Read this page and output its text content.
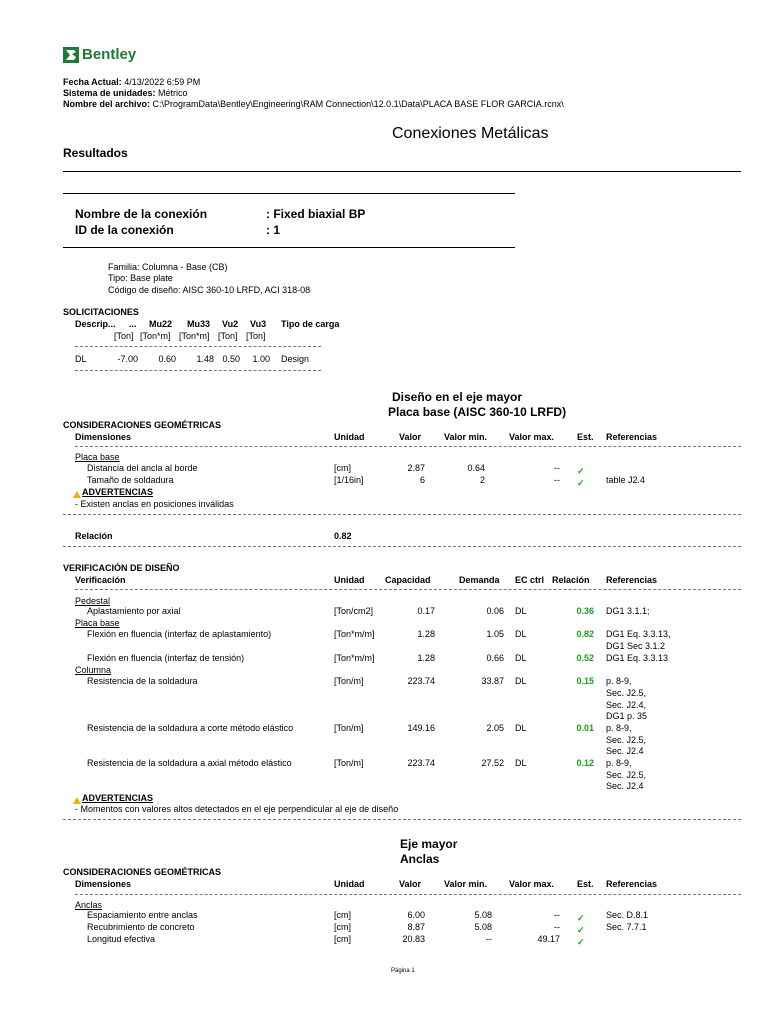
Bentley
Fecha Actual: 4/13/2022 6:59 PM
Sistema de unidades: Métrico
Nombre del archivo: C:\ProgramData\Bentley\Engineering\RAM Connection\12.0.1\Data\PLACA BASE FLOR GARCIA.rcnx\
Conexiones Metálicas
Resultados
Nombre de la conexión	: Fixed biaxial BP
ID de la conexión	: 1
Familia: Columna - Base (CB)
Tipo: Base plate
Código de diseño: AISC 360-10 LRFD, ACI 318-08
SOLICITACIONES
Descrip... ... Mu22 Mu33 Vu2 Vu3 Tipo de carga
[Ton] [Ton*m] [Ton*m] [Ton] [Ton]
DL	-7.00	0.60	1.48 0.50	1.00 Design
Diseño en el eje mayor
Placa base (AISC 360-10 LRFD)
CONSIDERACIONES GEOMÉTRICAS
Dimensiones	Unidad	Valor	Valor min. Valor max.	Est. Referencias
Placa base
Distancia del ancla al borde	[cm]	2.87	0.64	-- ✓
Tamaño de soldadura	[1/16in]	6	2	-- ✓ table J2.4
ADVERTENCIAS
- Existen anclas en posiciones inválidas
Relación	0.82
VERIFICACIÓN DE DISEÑO
Verificación	Unidad Capacidad	Demanda EC ctrl Relación Referencias
Pedestal
Aplastamiento por axial	[Ton/cm2]	0.17	0.06 DL	0.36 DG1 3.1.1;
Placa base
Flexión en fluencia (interfaz de aplastamiento)	[Ton*m/m]	1.28	1.05 DL	0.82 DG1 Eq. 3.3.13,
DG1 Sec 3.1.2
Flexión en fluencia (interfaz de tensión)	[Ton*m/m]	1.28	0.66 DL	0.52 DG1 Eq. 3.3.13
Columna
Resistencia de la soldadura	[Ton/m]	223.74	33.87 DL	0.15 p. 8-9,
Sec. J2.5,
Sec. J2.4,
DG1 p. 35
Resistencia de la soldadura a corte método elástico	[Ton/m]	149.16	2.05 DL	0.01 p. 8-9,
Sec. J2.5,
Sec. J2.4
Resistencia de la soldadura a axial método elástico	[Ton/m]	223.74	27.52 DL	0.12 p. 8-9,
Sec. J2.5,
Sec. J2.4
ADVERTENCIAS
- Momentos con valores altos detectados en el eje perpendicular al eje de diseño
Eje mayor
Anclas
CONSIDERACIONES GEOMÉTRICAS
Dimensiones	Unidad	Valor	Valor min. Valor max.	Est. Referencias
Anclas
Espaciamiento entre anclas	[cm]	6.00	5.08	-- ✓ Sec. D.8.1
Recubrimiento de concreto	[cm]	8.87	5.08	-- ✓ Sec. 7.7.1
Longitud efectiva	[cm]	20.83	--	49.17 ✓
Página 1
